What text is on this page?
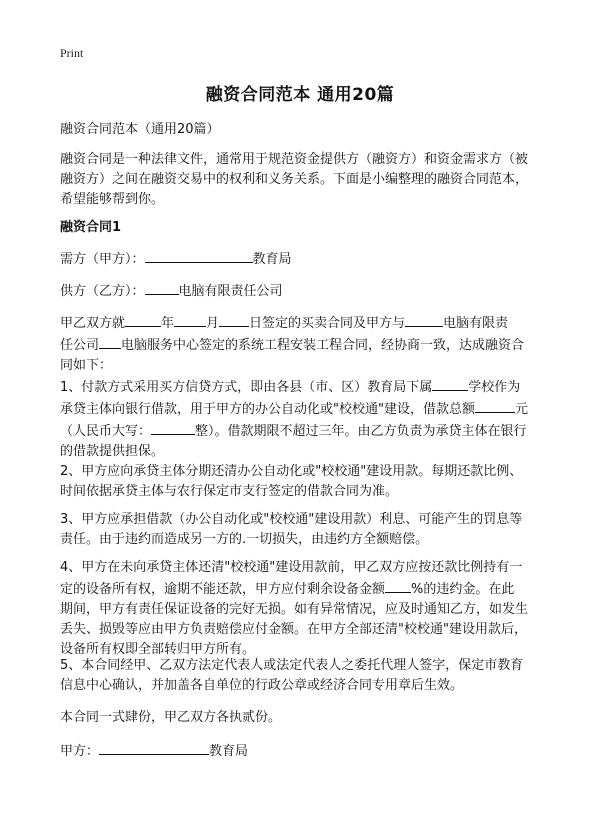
Print
融资合同范本 通用20篇
融资合同范本（通用20篇）
融资合同是一种法律文件，通常用于规范资金提供方（融资方）和资金需求方（被
融资方）之间在融资交易中的权利和义务关系。下面是小编整理的融资合同范本，
希望能够帮到你。
融资合同1
需方（甲方）：	教育局
供方（乙方）：	电脑有限责任公司
甲乙双方就	年 月 日签定的买卖合同及甲方与	电脑有限责
任公司 电脑服务中心签定的系统工程安装工程合同，经协商一致，达成融资合
同如下：
1、付款方式采用买方信贷方式，即由各县（市、区）教育局下属	学校作为
承贷主体向银行借款，用于甲方的办公自动化或"校校通"建设，借款总额	元
（人民币大写：	整）。借款期限不超过三年。由乙方负责为承贷主体在银行
的借款提供担保。
2、甲方应向承贷主体分期还清办公自动化或"校校通"建设用款。每期还款比例、
时间依据承贷主体与农行保定市支行签定的借款合同为准。
3、甲方应承担借款（办公自动化或"校校通"建设用款）利息、可能产生的罚息等
责任。由于违约而造成另一方的.一切损失，由违约方全额赔偿。
4、甲方在未向承贷主体还清"校校通"建设用款前，甲乙双方应按还款比例持有一
定的设备所有权，逾期不能还款，甲方应付剩余设备金额 %的违约金。在此
期间，甲方有责任保证设备的完好无损。如有异常情况，应及时通知乙方，如发生
丢失、损毁等应由甲方负责赔偿应付金额。在甲方全部还清"校校通"建设用款后，
设备所有权即全部转归甲方所有。
5、本合同经甲、乙双方法定代表人或法定代表人之委托代理人签字，保定市教育
信息中心确认，并加盖各自单位的行政公章或经济合同专用章后生效。
本合同一式肆份，甲乙双方各执贰份。
甲方：	教育局
